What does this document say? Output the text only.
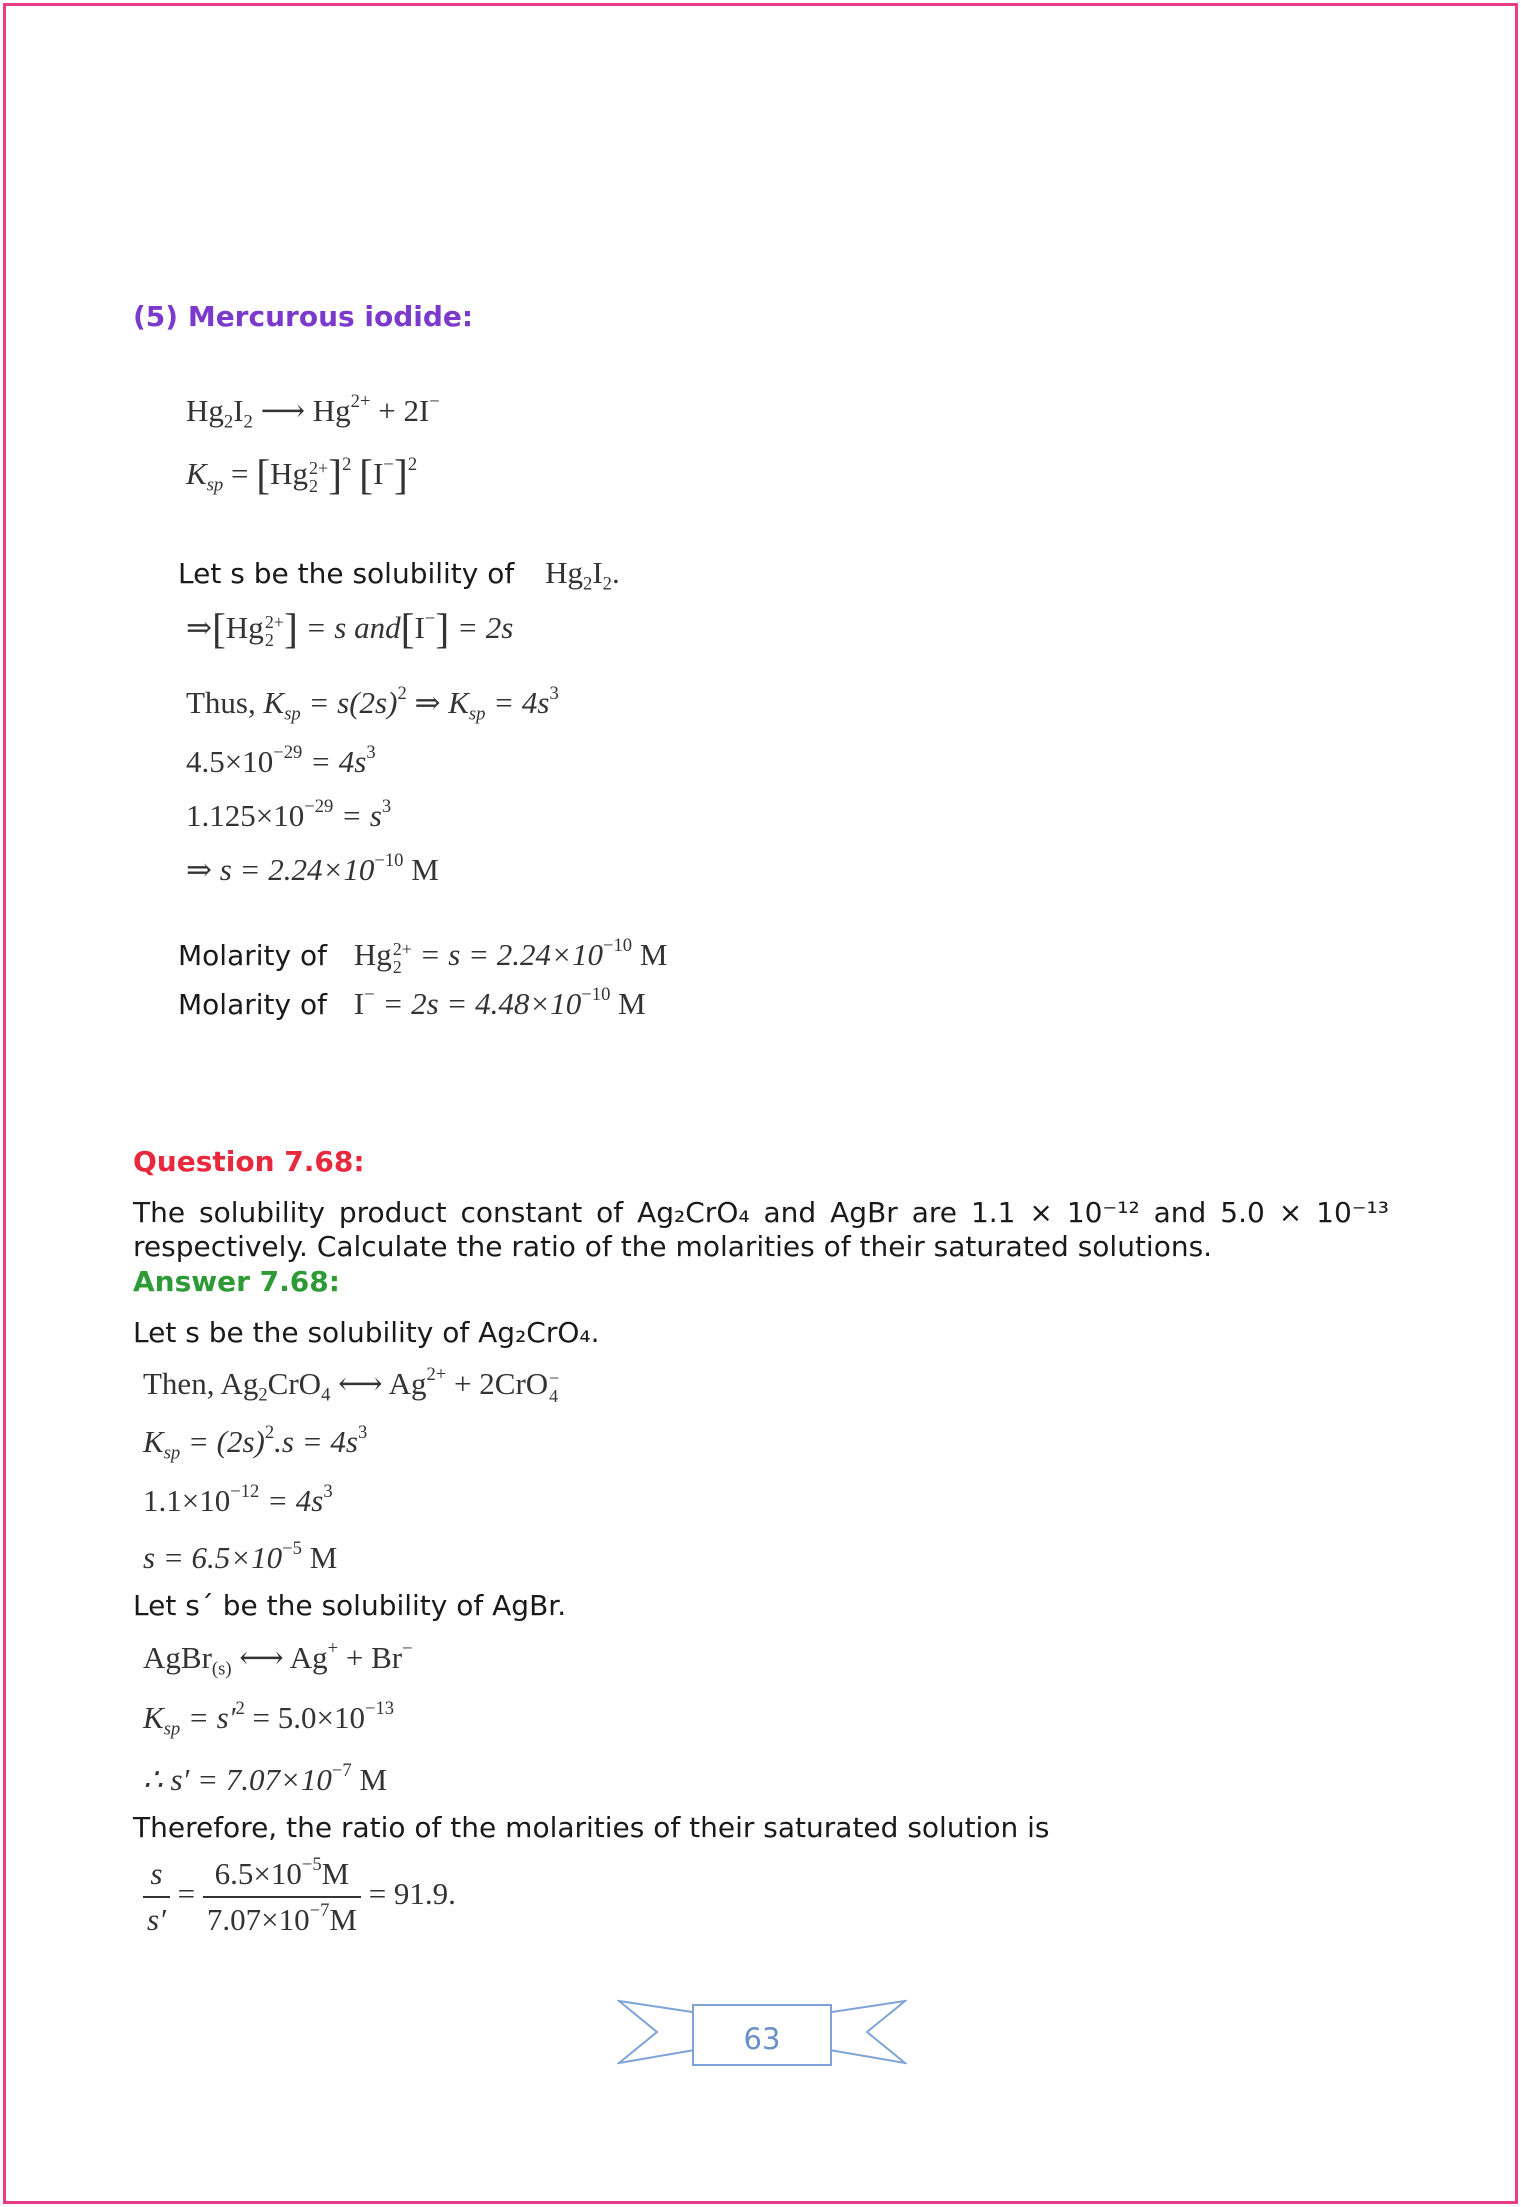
(5) Mercurous iodide:
$Hg_2I_2$ ⟶ $Hg^{2+} + 2I^-$
$K_{sp} = [Hg$ 2+
2 ]$^2$ $[I^-]^2$
Let s be the solubility of $Hg_2I_2$.
⇒[Hg 2+
2 ] = s and[I−] = 2s
Thus, $K_{sp} = s(2s)^2$ ⇒ $K_{sp} = 4s^3$
$4.5\times 10^{-29} = 4s^3$
$1.125\times 10^{-29} = s^3$
⇒ $s = 2.24\times 10^{-10}$ M
Molarity of Hg 2+
$2 = s = 2.24\times 10^{-10}$ M
Molarity of $I^- = 2s = 4.48\times 10^{-10}$ M
Question 7.68:
The solubility product constant of Ag₂CrO₄ and AgBr are 1.1 × 10⁻¹² and 5.0 × 10⁻¹³ respectively. Calculate the ratio of the molarities of their saturated solutions.
Answer 7.68:
Let s be the solubility of Ag₂CrO₄.
Then, $Ag_2CrO_4$ ⟷ $Ag^{2+} + 2CrO$ −
4
$K_{sp} = (2s)^2.s = 4s^3$
$1.1\times 10^{-12} = 4s^3$
$s = 6.5\times 10^{-5}$ M
Let s´ be the solubility of AgBr.
AgBr$_{(s)}$ ⟷ Ag+ + Br−
$K_{sp} = s'^2 = 5.0\times 10^{-13}$
∴ $s' = 7.07\times 10^{-7}$ M
Therefore, the ratio of the molarities of their saturated solution is
$\frac{s}{s'} = \frac{6.5\times 10^{-5}M}{7.07\times 10^{-7}M} = 91.9$.
63
